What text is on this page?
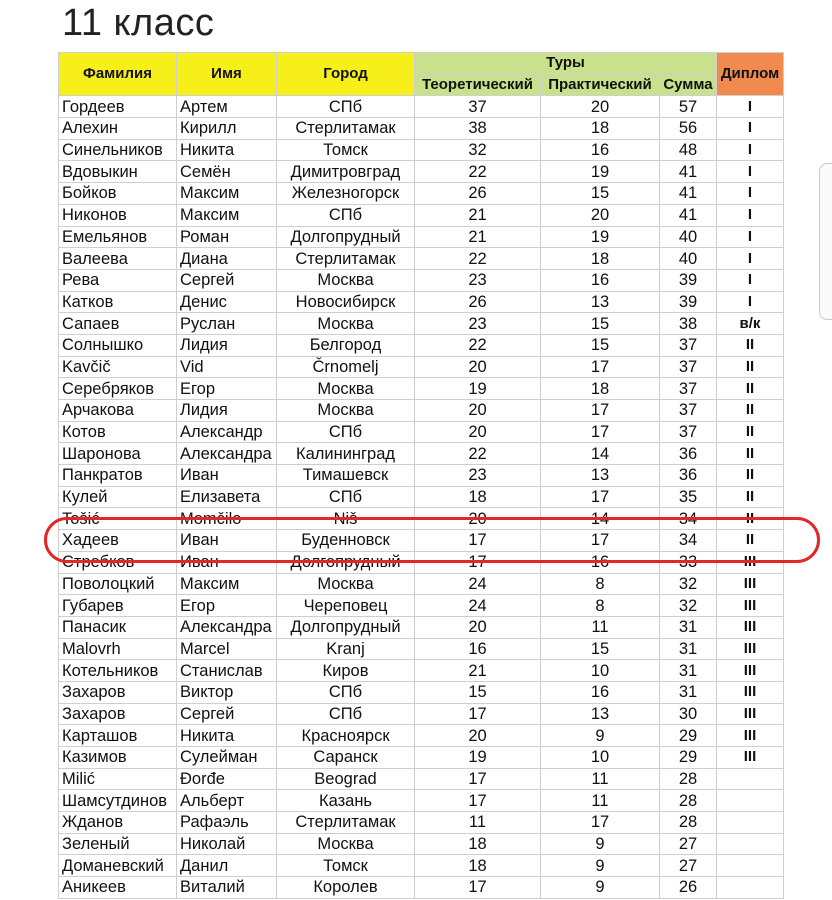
11 класс
Фамилия	Имя	Город	Туры			Диплом
			Теоретический	Практический	Сумма	
Гордеев	Артем	СПб	37	20	57	I
Алехин	Кирилл	Стерлитамак	38	18	56	I
Синельников	Никита	Томск	32	16	48	I
Вдовыкин	Семён	Димитровград	22	19	41	I
Бойков	Максим	Железногорск	26	15	41	I
Никонов	Максим	СПб	21	20	41	I
Емельянов	Роман	Долгопрудный	21	19	40	I
Валеева	Диана	Стерлитамак	22	18	40	I
Рева	Сергей	Москва	23	16	39	I
Катков	Денис	Новосибирск	26	13	39	I
Сапаев	Руслан	Москва	23	15	38	в/к
Солнышко	Лидия	Белгород	22	15	37	II
Kavčič	Vid	Črnomelj	20	17	37	II
Серебряков	Егор	Москва	19	18	37	II
Арчакова	Лидия	Москва	20	17	37	II
Котов	Александр	СПб	20	17	37	II
Шаронова	Александра	Калининград	22	14	36	II
Панкратов	Иван	Тимашевск	23	13	36	II
Кулей	Елизавета	СПб	18	17	35	II
Tošić	Momčilo	Niš	20	14	34	II
Хадеев	Иван	Буденновск	17	17	34	II
Стребков	Иван	Долгопрудный	17	16	33	III
Поволоцкий	Максим	Москва	24	8	32	III
Губарев	Егор	Череповец	24	8	32	III
Панасик	Александра	Долгопрудный	20	11	31	III
Malovrh	Marcel	Kranj	16	15	31	III
Котельников	Станислав	Киров	21	10	31	III
Захаров	Виктор	СПб	15	16	31	III
Захаров	Сергей	СПб	17	13	30	III
Карташов	Никита	Красноярск	20	9	29	III
Казимов	Сулейман	Саранск	19	10	29	III
Milić	Đorđe	Beograd	17	11	28	
Шамсутдинов	Альберт	Казань	17	11	28	
Жданов	Рафаэль	Стерлитамак	11	17	28	
Зеленый	Николай	Москва	18	9	27	
Доманевский	Данил	Томск	18	9	27	
Аникеев	Виталий	Королев	17	9	26	
